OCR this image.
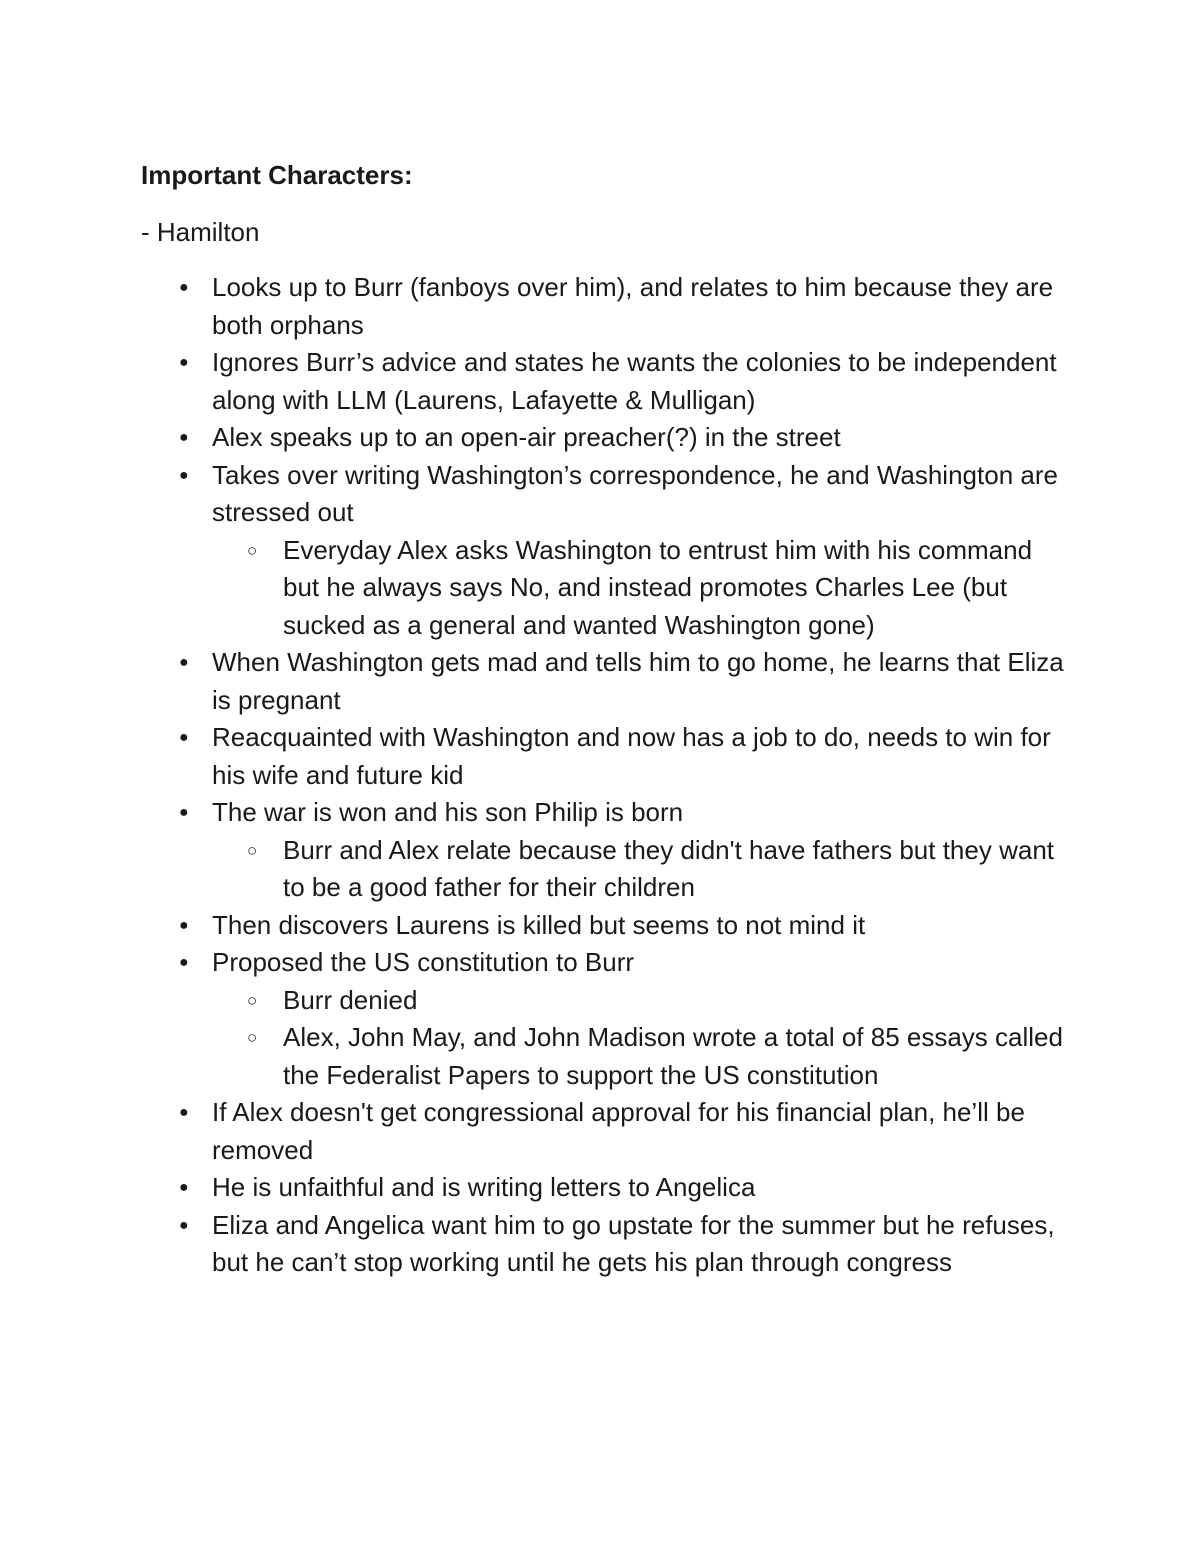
Important Characters:

- Hamilton

● Looks up to Burr (fanboys over him), and relates to him because they are both orphans
● Ignores Burr’s advice and states he wants the colonies to be independent along with LLM (Laurens, Lafayette & Mulligan)
● Alex speaks up to an open-air preacher(?) in the street
● Takes over writing Washington’s correspondence, he and Washington are stressed out
○ Everyday Alex asks Washington to entrust him with his command but he always says No, and instead promotes Charles Lee (but sucked as a general and wanted Washington gone)
● When Washington gets mad and tells him to go home, he learns that Eliza is pregnant
● Reacquainted with Washington and now has a job to do, needs to win for his wife and future kid
● The war is won and his son Philip is born
○ Burr and Alex relate because they didn't have fathers but they want to be a good father for their children
● Then discovers Laurens is killed but seems to not mind it
● Proposed the US constitution to Burr
○ Burr denied
○ Alex, John May, and John Madison wrote a total of 85 essays called the Federalist Papers to support the US constitution
● If Alex doesn't get congressional approval for his financial plan, he’ll be removed
● He is unfaithful and is writing letters to Angelica
● Eliza and Angelica want him to go upstate for the summer but he refuses, but he can’t stop working until he gets his plan through congress
